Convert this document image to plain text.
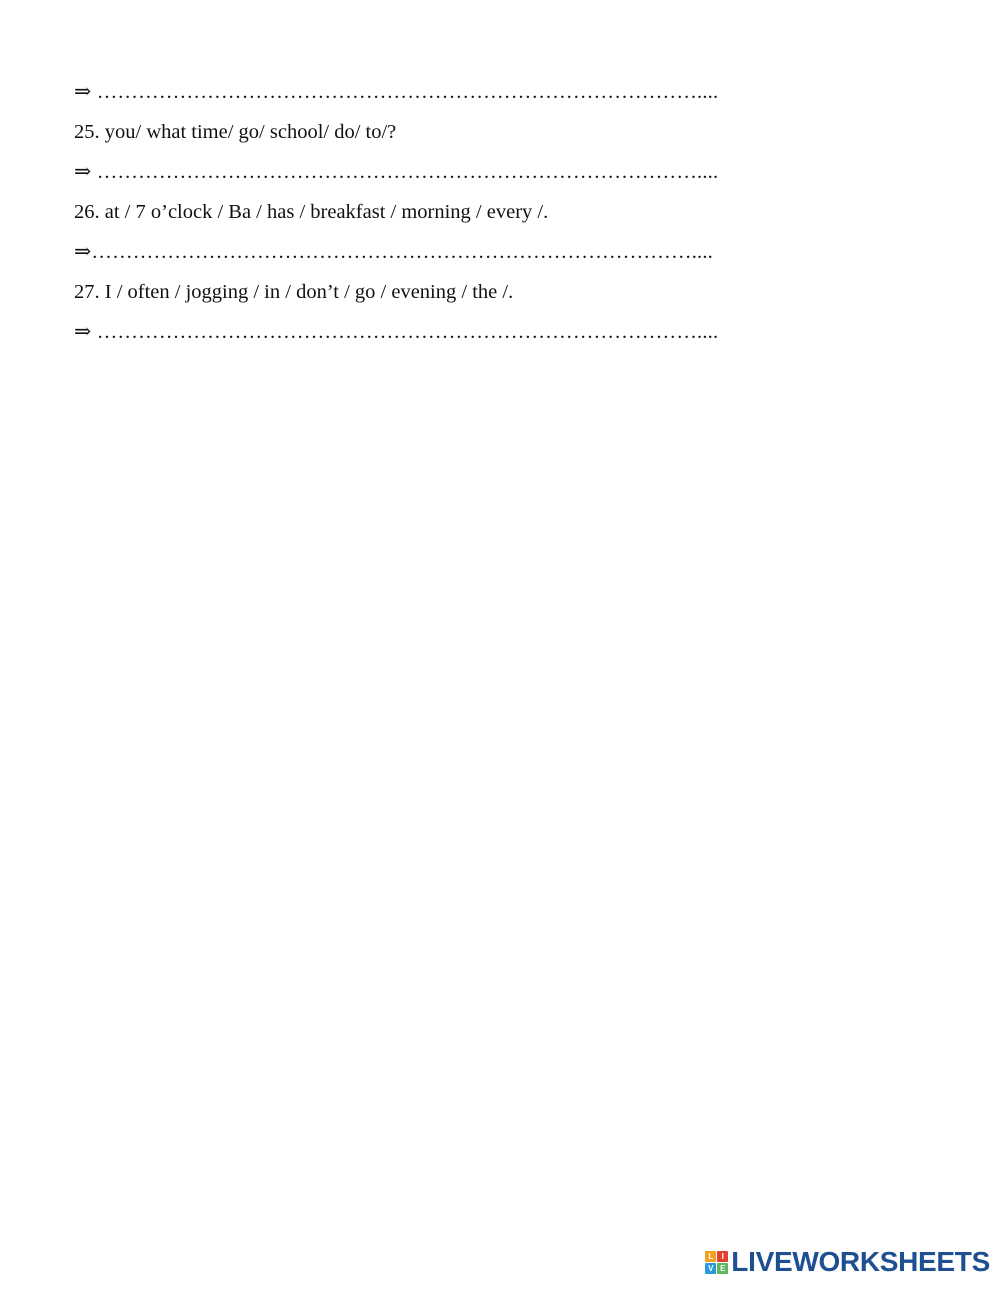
⇒ ……………………………………………………………………………....
25. you/ what time/ go/ school/ do/ to/?
⇒ ……………………………………………………………………………....
26. at / 7 o’clock / Ba / has / breakfast / morning / every /.
⇒……………………………………………………………………………....
27. I / often / jogging / in / don’t / go / evening / the /.
⇒ ……………………………………………………………………………....
L	I
V E LIVEWORKSHEETS
